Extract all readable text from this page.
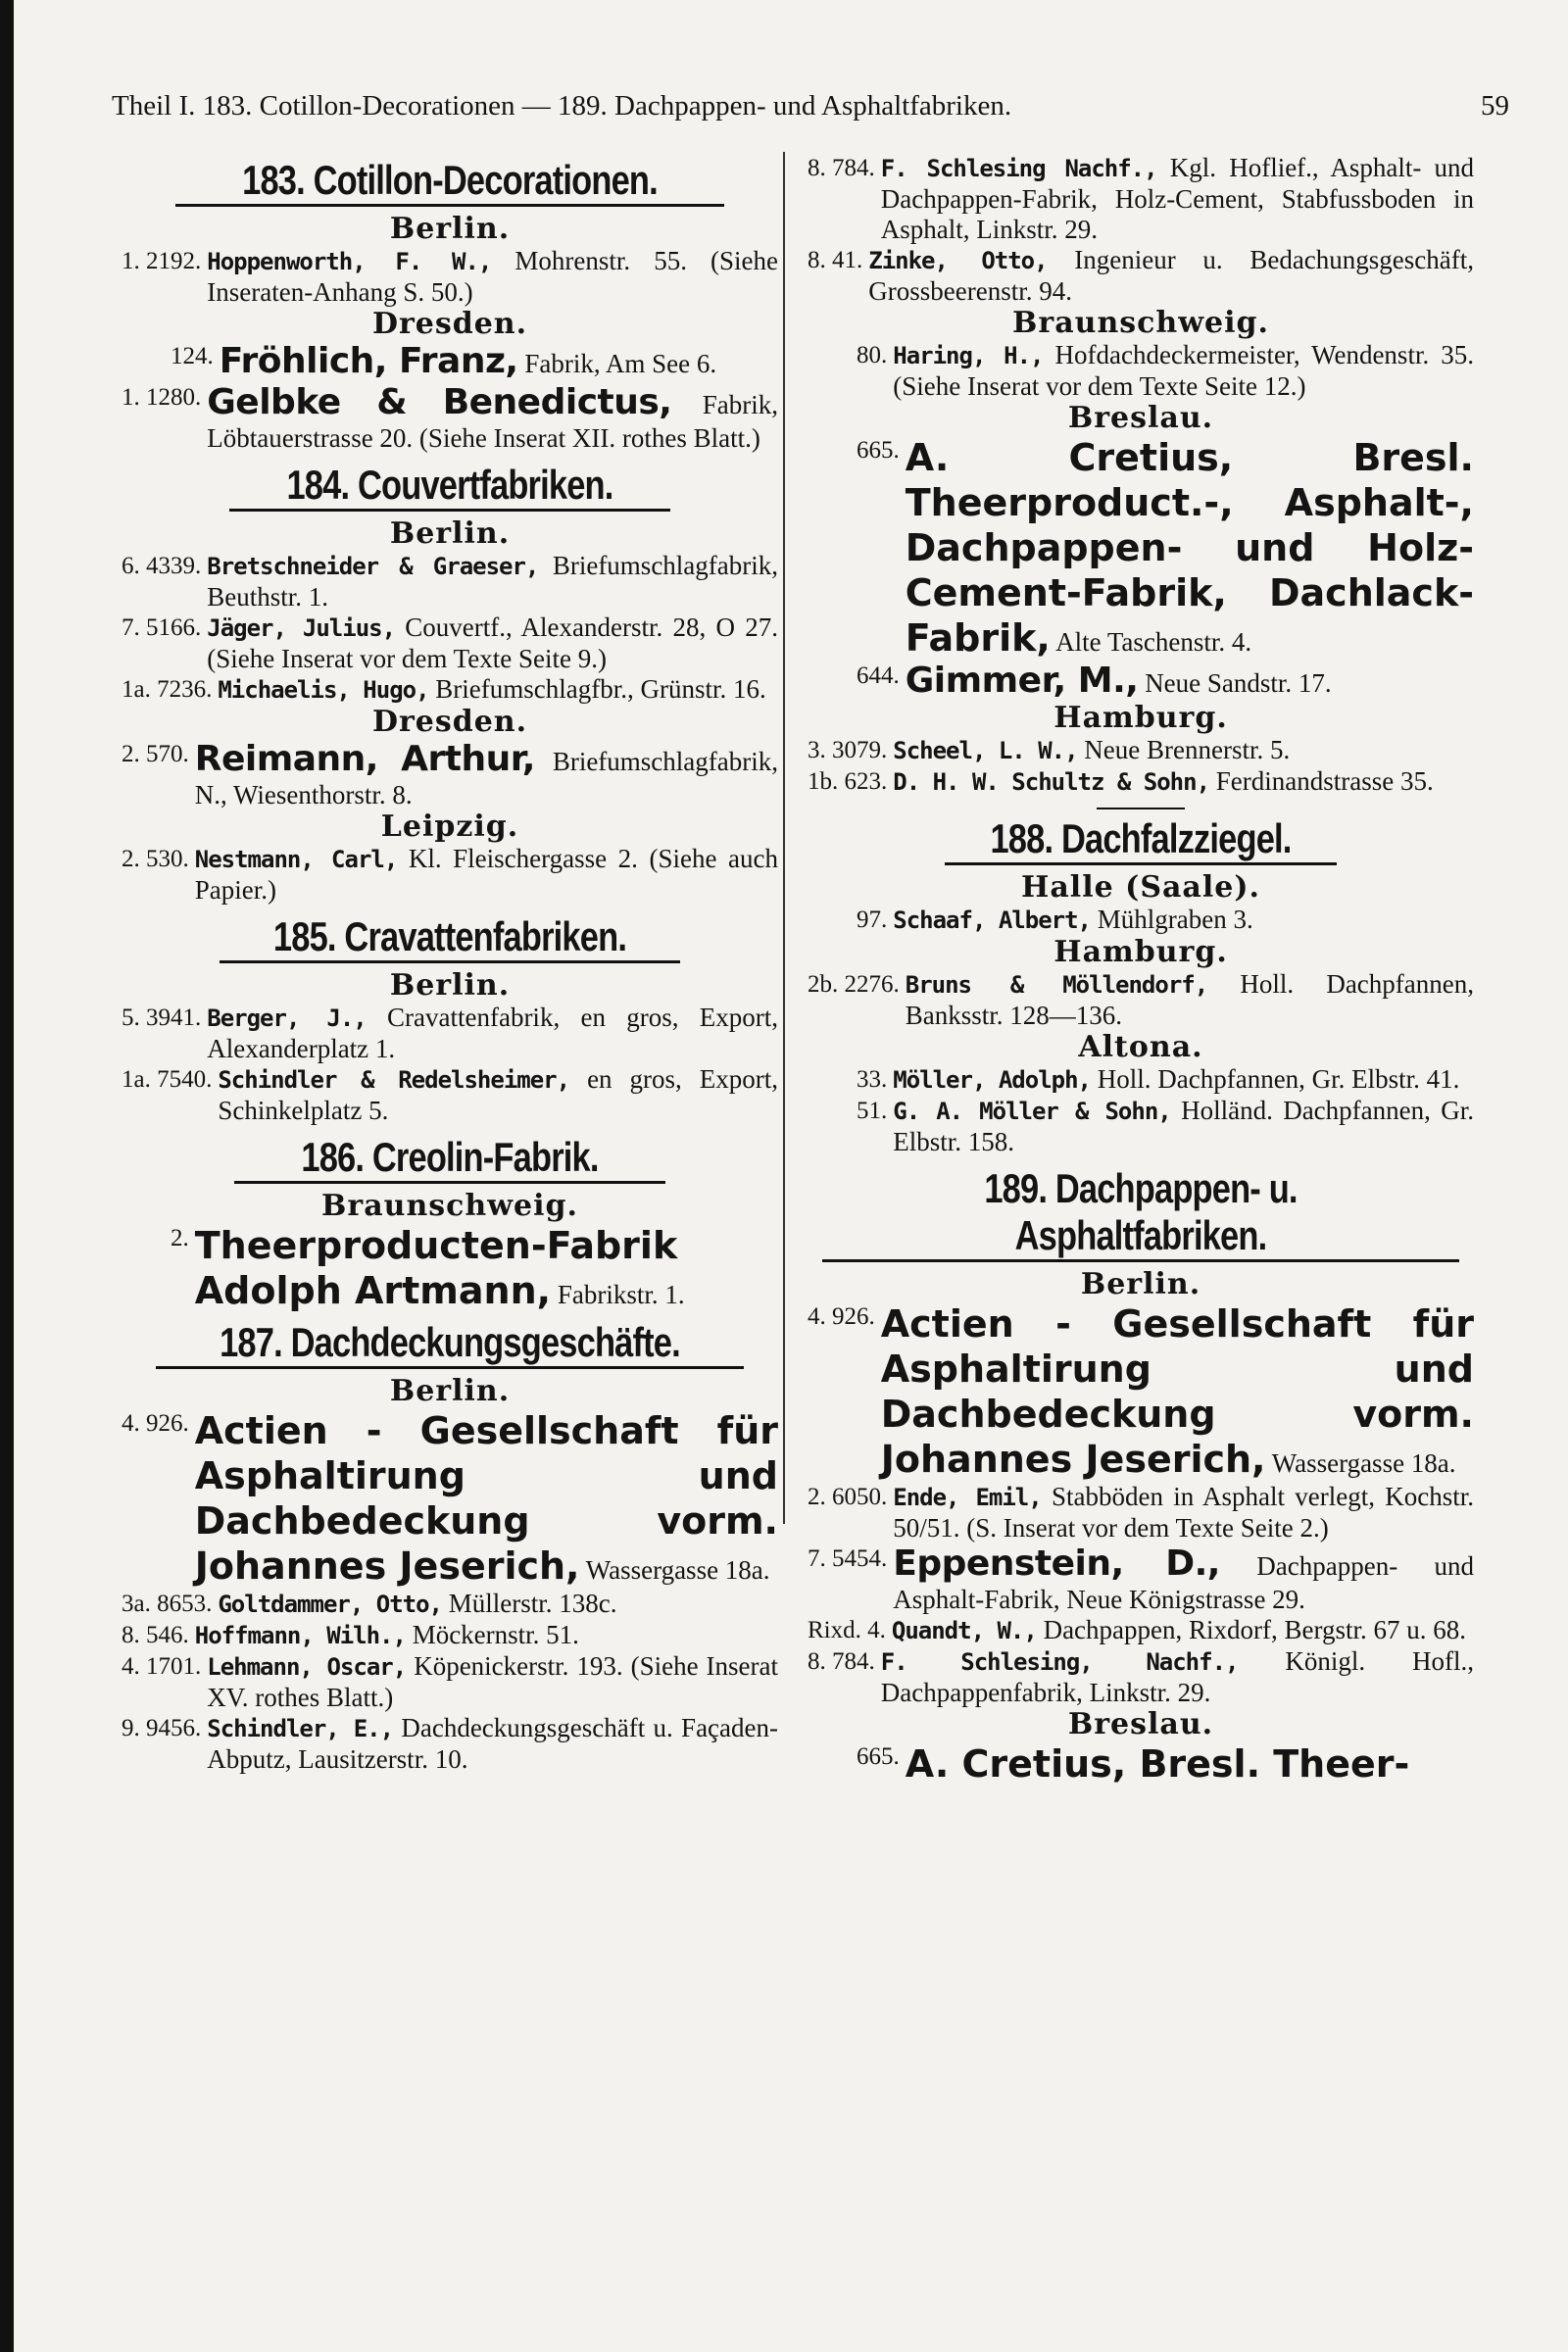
Theil I. 183. Cotillon-Decorationen — 189. Dachpappen- und Asphaltfabriken.	59
183. Cotillon-Decorationen.
Berlin.
1. 2192. Hoppenworth, F. W., Mohrenstr. 55. (Siehe Inseraten-Anhang S. 50.)
Dresden.
124. Fröhlich, Franz, Fabrik, Am See 6.
1. 1280. Gelbke & Benedictus, Fabrik, Löbtauerstrasse 20. (Siehe Inserat XII. rothes Blatt.)
184. Couvertfabriken.
Berlin.
6. 4339. Bretschneider & Graeser, Briefumschlagfabrik, Beuthstr. 1.
7. 5166. Jäger, Julius, Couvertf., Alexanderstr. 28, O 27. (Siehe Inserat vor dem Texte Seite 9.)
1a. 7236. Michaelis, Hugo, Briefumschlagfbr., Grünstr. 16.
Dresden.
2. 570. Reimann, Arthur, Briefumschlagfabrik, N., Wiesenthorstr. 8.
Leipzig.
2. 530. Nestmann, Carl, Kl. Fleischergasse 2. (Siehe auch Papier.)
185. Cravattenfabriken.
Berlin.
5. 3941. Berger, J., Cravattenfabrik, en gros, Export, Alexanderplatz 1.
1a. 7540. Schindler & Redelsheimer, en gros, Export, Schinkelplatz 5.
186. Creolin-Fabrik.
Braunschweig.
2. Theerproducten-Fabrik Adolph Artmann, Fabrikstr. 1.
187. Dachdeckungsgeschäfte.
Berlin.
4. 926. Actien - Gesellschaft für Asphaltirung und Dachbedeckung vorm. Johannes Jeserich, Wassergasse 18a.
3a. 8653. Goltdammer, Otto, Müllerstr. 138c.
8. 546. Hoffmann, Wilh., Möckernstr. 51.
4. 1701. Lehmann, Oscar, Köpenickerstr. 193. (Siehe Inserat XV. rothes Blatt.)
9. 9456. Schindler, E., Dachdeckungsgeschäft u. Façaden-Abputz, Lausitzerstr. 10.
8. 784. F. Schlesing Nachf., Kgl. Hoflief., Asphalt- und Dachpappen-Fabrik, Holz-Cement, Stabfussboden in Asphalt, Linkstr. 29.
8. 41. Zinke, Otto, Ingenieur u. Bedachungsgeschäft, Grossbeerenstr. 94.
Braunschweig.
80. Haring, H., Hofdachdeckermeister, Wendenstr. 35. (Siehe Inserat vor dem Texte Seite 12.)
Breslau.
665. A. Cretius, Bresl. Theerproduct.-, Asphalt-, Dachpappen- und Holz-Cement-Fabrik, Dachlack-Fabrik, Alte Taschenstr. 4.
644. Gimmer, M., Neue Sandstr. 17.
Hamburg.
3. 3079. Scheel, L. W., Neue Brennerstr. 5.
1b. 623. D. H. W. Schultz & Sohn, Ferdinandstrasse 35.
188. Dachfalzziegel.
Halle (Saale).
97. Schaaf, Albert, Mühlgraben 3.
Hamburg.
2b. 2276. Bruns & Möllendorf, Holl. Dachpfannen, Banksstr. 128—136.
Altona.
33. Möller, Adolph, Holl. Dachpfannen, Gr. Elbstr. 41.
51. G. A. Möller & Sohn, Holländ. Dachpfannen, Gr. Elbstr. 158.
189. Dachpappen- u. Asphaltfabriken.
Berlin.
4. 926. Actien - Gesellschaft für Asphaltirung und Dachbedeckung vorm. Johannes Jeserich, Wassergasse 18a.
2. 6050. Ende, Emil, Stabböden in Asphalt verlegt, Kochstr. 50/51. (S. Inserat vor dem Texte Seite 2.)
7. 5454. Eppenstein, D., Dachpappen- und Asphalt-Fabrik, Neue Königstrasse 29.
Rixd. 4. Quandt, W., Dachpappen, Rixdorf, Bergstr. 67 u. 68.
8. 784. F. Schlesing, Nachf., Königl. Hofl., Dachpappenfabrik, Linkstr. 29.
Breslau.
665. A. Cretius, Bresl. Theer-
